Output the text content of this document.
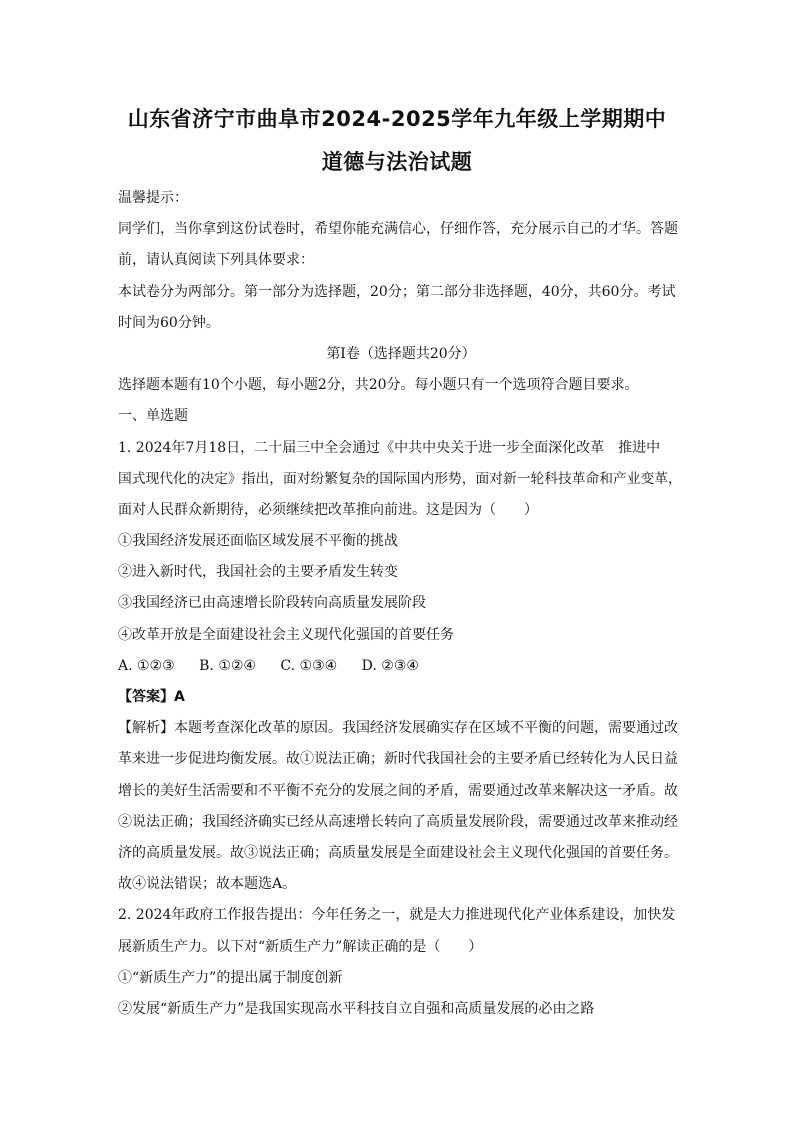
山东省济宁市曲阜市2024-2025学年九年级上学期期中
道德与法治试题
温馨提示：
同学们，当你拿到这份试卷时，希望你能充满信心，仔细作答，充分展示自己的才华。答题
前，请认真阅读下列具体要求：
本试卷分为两部分。第一部分为选择题，20分；第二部分非选择题，40分，共60分。考试
时间为60分钟。
第Ⅰ卷（选择题共20分）
选择题本题有10个小题，每小题2分，共20分。每小题只有一个选项符合题目要求。
一、单选题
1. 2024年7月18日，二十届三中全会通过《中共中央关于进一步全面深化改革　推进中
国式现代化的决定》指出，面对纷繁复杂的国际国内形势，面对新一轮科技革命和产业变革，
面对人民群众新期待，必须继续把改革推向前进。这是因为（　　）
①我国经济发展还面临区域发展不平衡的挑战
②进入新时代，我国社会的主要矛盾发生转变
③我国经济已由高速增长阶段转向高质量发展阶段
④改革开放是全面建设社会主义现代化强国的首要任务
A. ①②③ B. ①②④ C. ①③④ D. ②③④
【答案】A
【解析】本题考查深化改革的原因。我国经济发展确实存在区域不平衡的问题，需要通过改
革来进一步促进均衡发展。故①说法正确；新时代我国社会的主要矛盾已经转化为人民日益
增长的美好生活需要和不平衡不充分的发展之间的矛盾，需要通过改革来解决这一矛盾。故
②说法正确；我国经济确实已经从高速增长转向了高质量发展阶段，需要通过改革来推动经
济的高质量发展。故③说法正确；高质量发展是全面建设社会主义现代化强国的首要任务。
故④说法错误；故本题选A。
2. 2024年政府工作报告提出：今年任务之一，就是大力推进现代化产业体系建设，加快发
展新质生产力。以下对“新质生产力”解读正确的是（　　）
①“新质生产力”的提出属于制度创新
②发展“新质生产力”是我国实现高水平科技自立自强和高质量发展的必由之路
